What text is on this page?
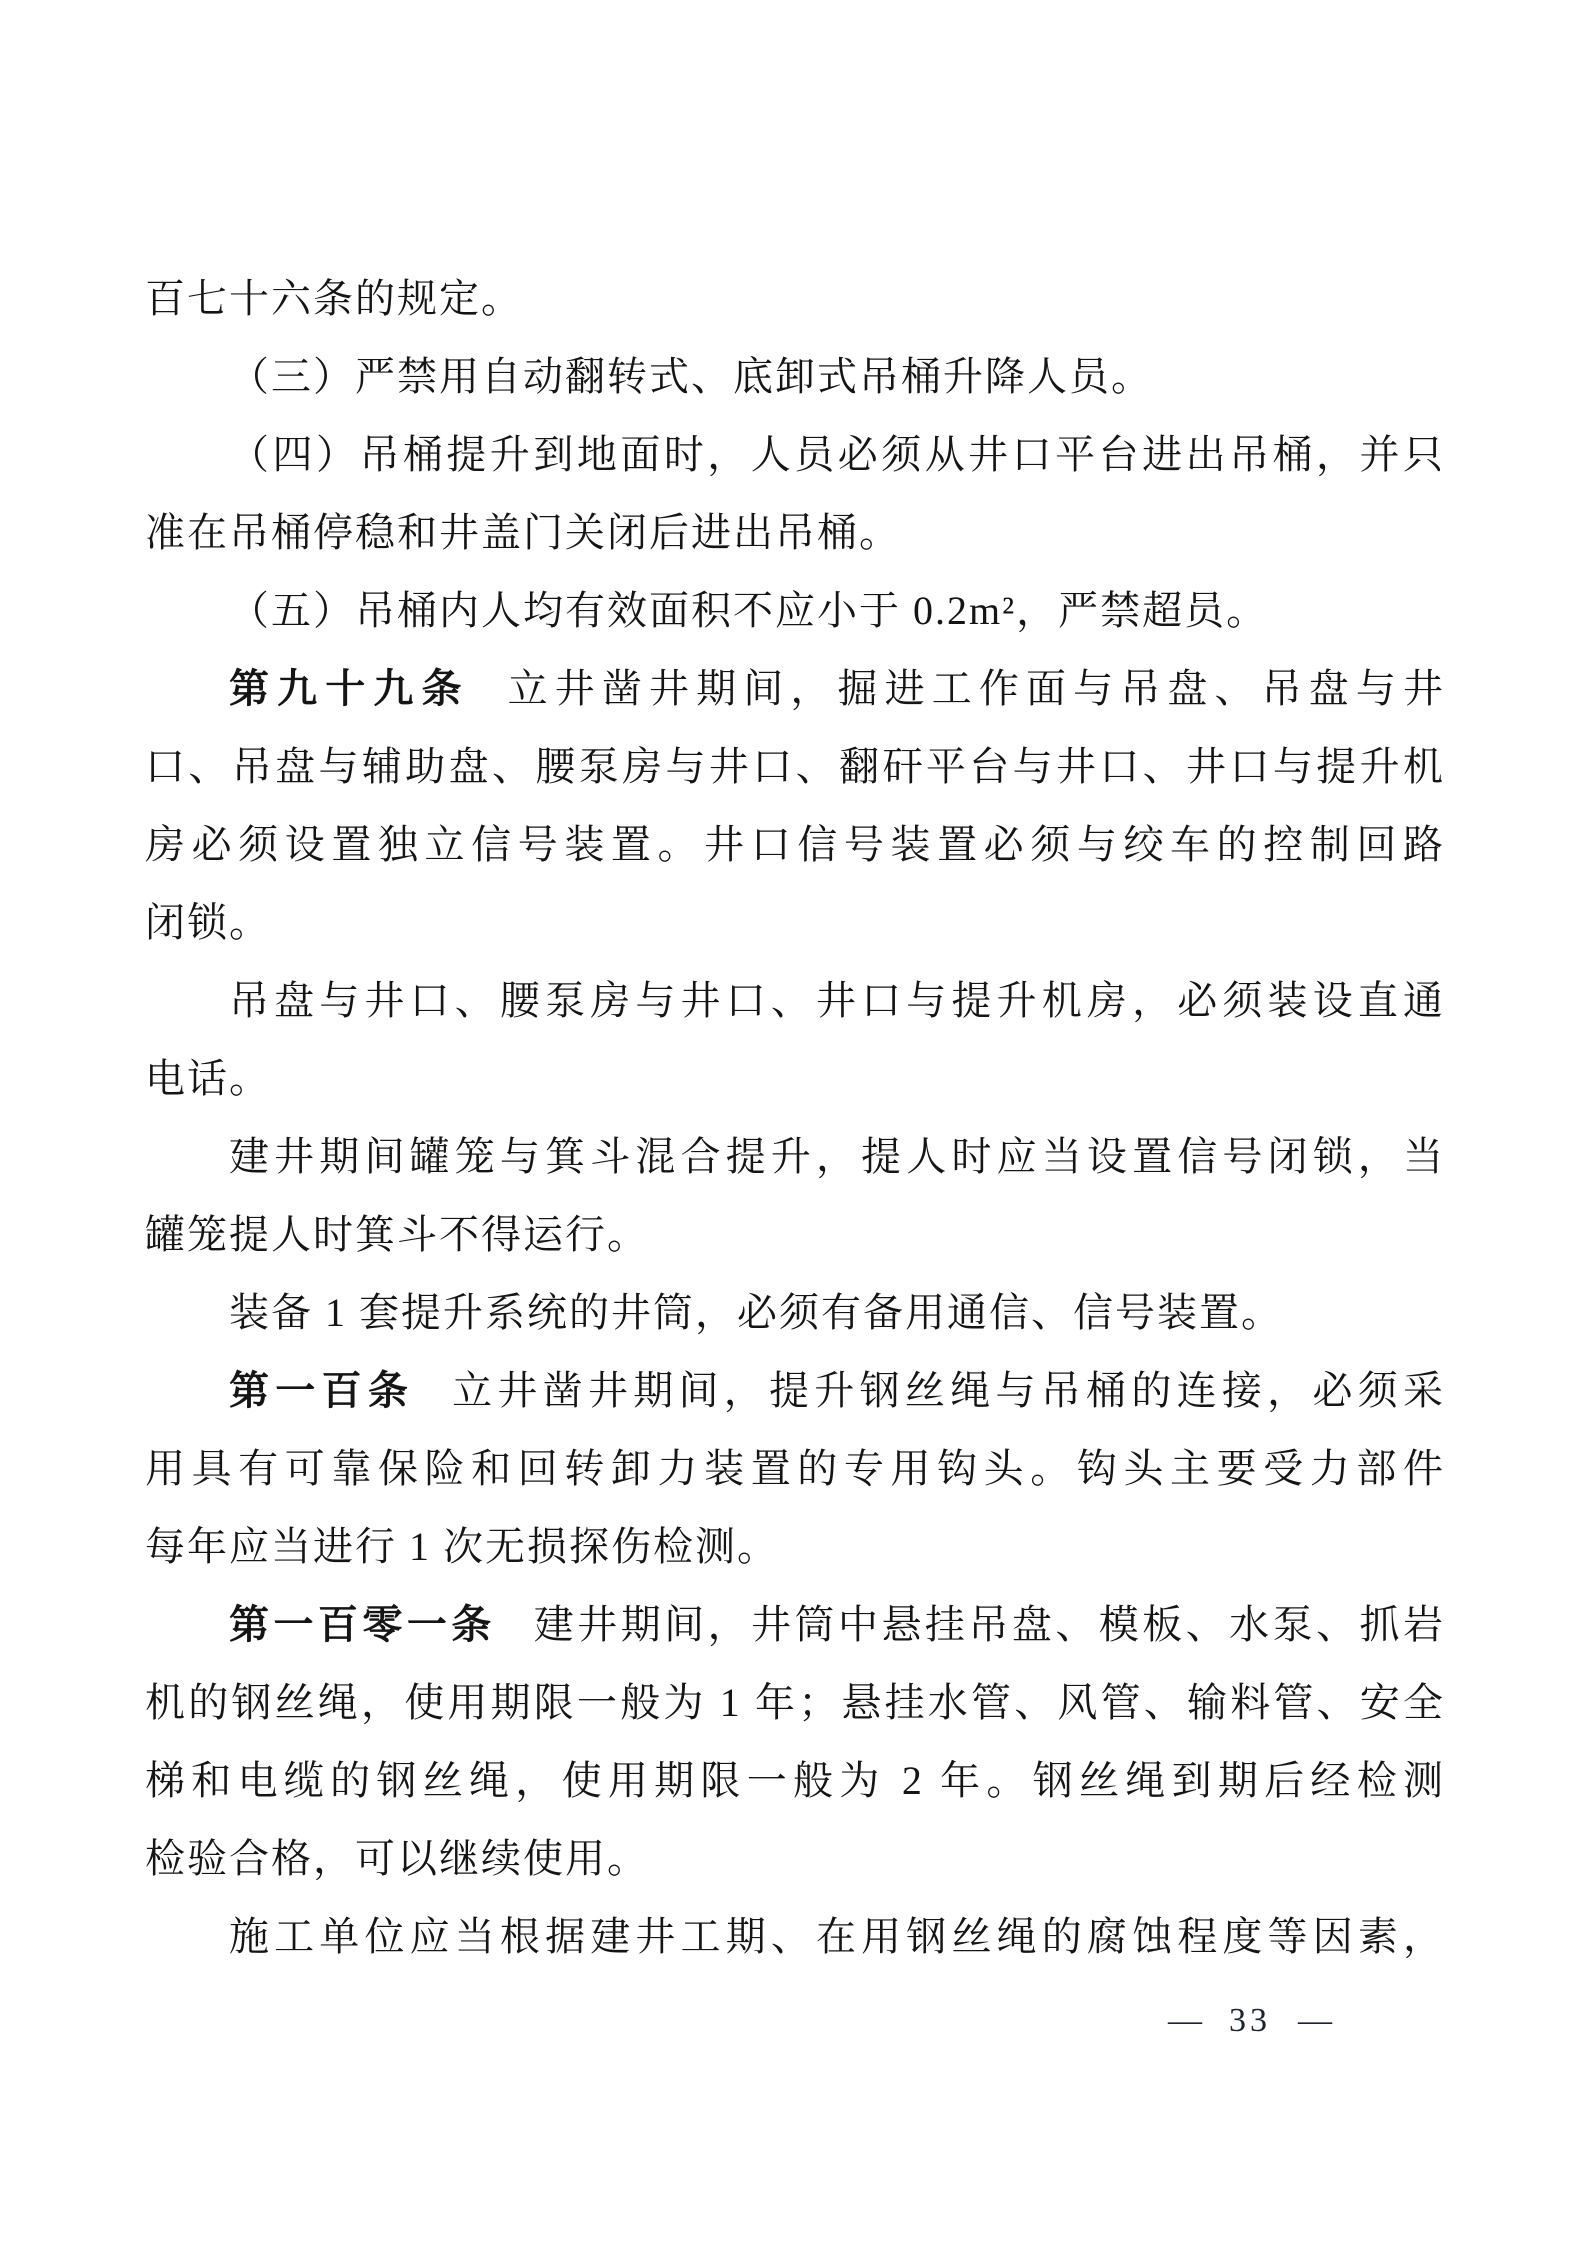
百七十六条的规定。
（三）严禁用自动翻转式、底卸式吊桶升降人员。
（四）吊桶提升到地面时，人员必须从井口平台进出吊桶，并只
准在吊桶停稳和井盖门关闭后进出吊桶。
（五）吊桶内人均有效面积不应小于 0.2m²，严禁超员。
第九十九条 立井凿井期间，掘进工作面与吊盘、吊盘与井
口、吊盘与辅助盘、腰泵房与井口、翻矸平台与井口、井口与提升机
房必须设置独立信号装置。井口信号装置必须与绞车的控制回路
闭锁。
吊盘与井口、腰泵房与井口、井口与提升机房，必须装设直通
电话。
建井期间罐笼与箕斗混合提升，提人时应当设置信号闭锁，当
罐笼提人时箕斗不得运行。
装备 1 套提升系统的井筒，必须有备用通信、信号装置。
第一百条 立井凿井期间，提升钢丝绳与吊桶的连接，必须采
用具有可靠保险和回转卸力装置的专用钩头。钩头主要受力部件
每年应当进行 1 次无损探伤检测。
第一百零一条 建井期间，井筒中悬挂吊盘、模板、水泵、抓岩
机的钢丝绳，使用期限一般为 1 年；悬挂水管、风管、输料管、安全
梯和电缆的钢丝绳，使用期限一般为 2 年。钢丝绳到期后经检测
检验合格，可以继续使用。
施工单位应当根据建井工期、在用钢丝绳的腐蚀程度等因素，
— 33 —
